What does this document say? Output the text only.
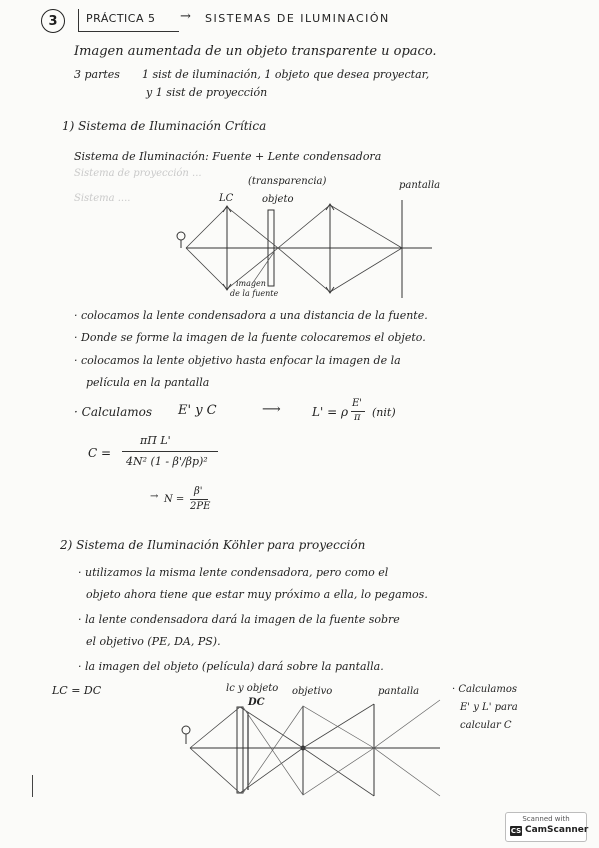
3	PRÁCTICA 5 → SISTEMAS DE ILUMINACIÓN
Imagen aumentada de un objeto transparente u opaco.
3 partes 1 sist de iluminación, 1 objeto que desea proyectar,
y 1 sist de proyección
1) Sistema de Iluminación Crítica
Sistema de Iluminación: Fuente + Lente condensadora
Sistema de proyección ...
Sistema ....
(transparencia)
LC	objeto
pantalla
imagen
de la fuente
· colocamos la lente condensadora a una distancia de la fuente.
· Donde se forme la imagen de la fuente colocaremos el objeto.
· colocamos la lente objetivo hasta enfocar la imagen de la
película en la pantalla
· Calculamos E' y C	⟶	L' = ρ
E'
π (nit)
C =
πΠ L'
4N² (1 - β'/βp)²
→ N =
β'
2PE
2) Sistema de Iluminación Köhler para proyección
· utilizamos la misma lente condensadora, pero como el
objeto ahora tiene que estar muy próximo a ella, lo pegamos.
· la lente condensadora dará la imagen de la fuente sobre
el objetivo (PE, DA, PS).
· la imagen del objeto (película) dará sobre la pantalla.
LC = DC	lc y objeto
DC
objetivo	pantalla	· Calculamos
E' y L' para
calcular C
Scanned with
CS CamScanner
